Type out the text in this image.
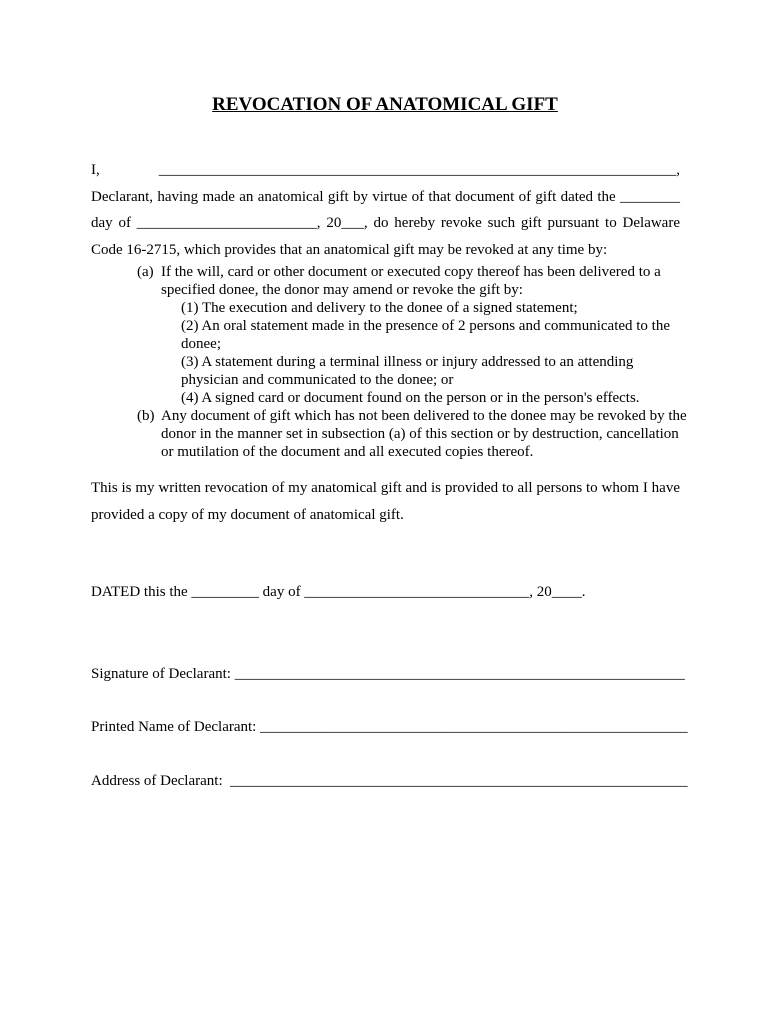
REVOCATION OF ANATOMICAL GIFT

I, _____________________________________________________________________, Declarant, having made an anatomical gift by virtue of that document of gift dated the ________ day of ________________________, 20___, do hereby revoke such gift pursuant to Delaware Code 16-2715, which provides that an anatomical gift may be revoked at any time by:

(a) If the will, card or other document or executed copy thereof has been delivered to a specified donee, the donor may amend or revoke the gift by:
(1) The execution and delivery to the donee of a signed statement;
(2) An oral statement made in the presence of 2 persons and communicated to the donee;
(3) A statement during a terminal illness or injury addressed to an attending physician and communicated to the donee; or
(4) A signed card or document found on the person or in the person's effects.
(b) Any document of gift which has not been delivered to the donee may be revoked by the donor in the manner set in subsection (a) of this section or by destruction, cancellation or mutilation of the document and all executed copies thereof.

This is my written revocation of my anatomical gift and is provided to all persons to whom I have provided a copy of my document of anatomical gift.

DATED this the _________ day of ______________________________, 20____.
Signature of Declarant: ____________________________________________________________
Printed Name of Declarant: _________________________________________________________
Address of Declarant:  _____________________________________________________________
